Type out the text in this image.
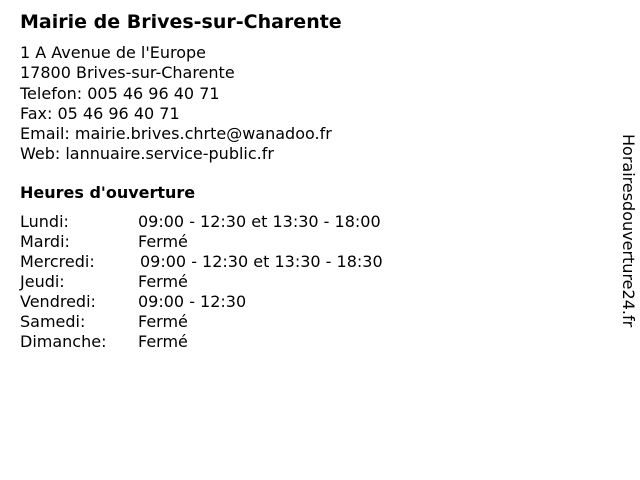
Mairie de Brives-sur-Charente
1 A Avenue de l'Europe
17800 Brives-sur-Charente
Telefon: 005 46 96 40 71
Fax: 05 46 96 40 71
Email: mairie.brives.chrte@wanadoo.fr
Web: lannuaire.service-public.fr
Heures d'ouverture
Lundi:	09:00 - 12:30 et 13:30 - 18:00
Mardi:	Fermé
Mercredi:	09:00 - 12:30 et 13:30 - 18:30
Jeudi:	Fermé
Vendredi:	09:00 - 12:30
Samedi:	Fermé
Dimanche: Fermé
Horairesdouverture24.fr
